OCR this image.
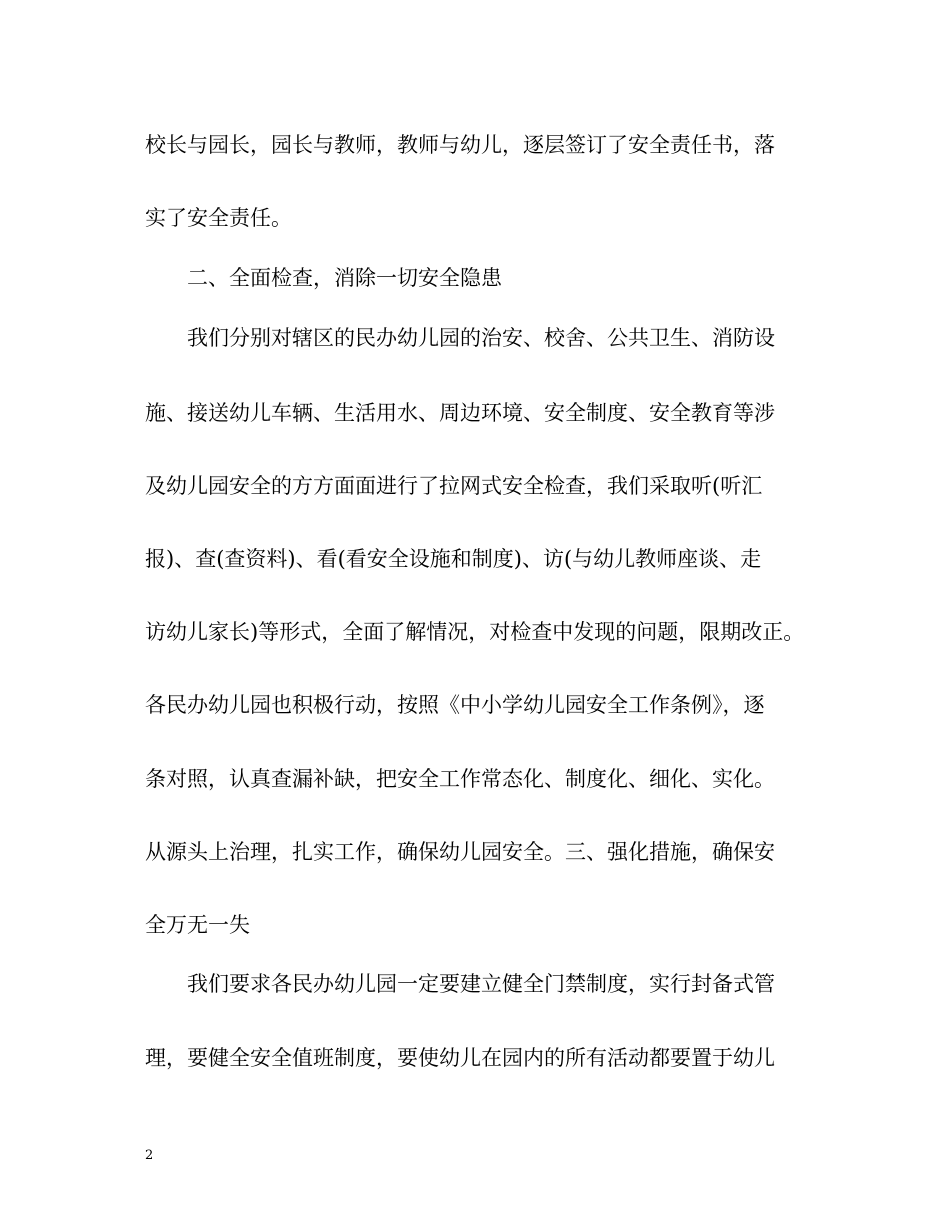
校长与园长，园长与教师，教师与幼儿，逐层签订了安全责任书，落
实了安全责任。
二、全面检查，消除一切安全隐患
我们分别对辖区的民办幼儿园的治安、校舍、公共卫生、消防设
施、接送幼儿车辆、生活用水、周边环境、安全制度、安全教育等涉
及幼儿园安全的方方面面进行了拉网式安全检查，我们采取听(听汇
报)、查(查资料)、看(看安全设施和制度)、访(与幼儿教师座谈、走
访幼儿家长)等形式，全面了解情况，对检查中发现的问题，限期改正。
各民办幼儿园也积极行动，按照《中小学幼儿园安全工作条例》，逐
条对照，认真查漏补缺，把安全工作常态化、制度化、细化、实化。
从源头上治理，扎实工作，确保幼儿园安全。三、强化措施，确保安
全万无一失
我们要求各民办幼儿园一定要建立健全门禁制度，实行封备式管
理，要健全安全值班制度，要使幼儿在园内的所有活动都要置于幼儿
2
